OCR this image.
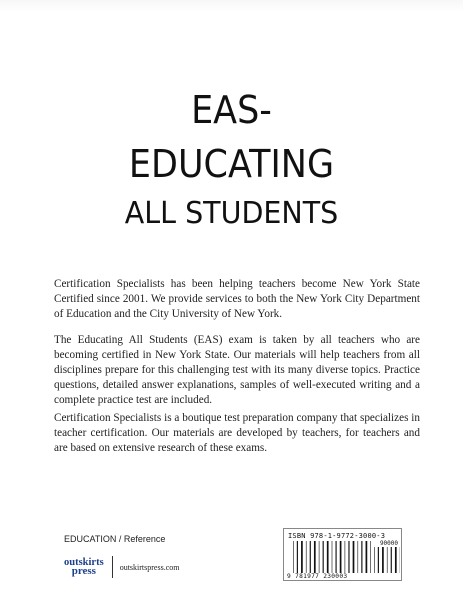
EAS-
EDUCATING
ALL STUDENTS

Certification Specialists has been helping teachers become New York State Certified since 2001. We provide services to both the New York City Department of Education and the City University of New York.

The Educating All Students (EAS) exam is taken by all teachers who are becoming certified in New York State. Our materials will help teachers from all disciplines prepare for this challenging test with its many diverse topics. Practice questions, detailed answer explanations, samples of well-executed writing and a complete practice test are included.

Certification Specialists is a boutique test preparation company that specializes in teacher certification. Our materials are developed by teachers, for teachers and are based on extensive research of these exams.

EDUCATION / Reference
outskirts
press	outskirtspress.com
ISBN 978-1-9772-3000-3
90000
9 781977 230003
